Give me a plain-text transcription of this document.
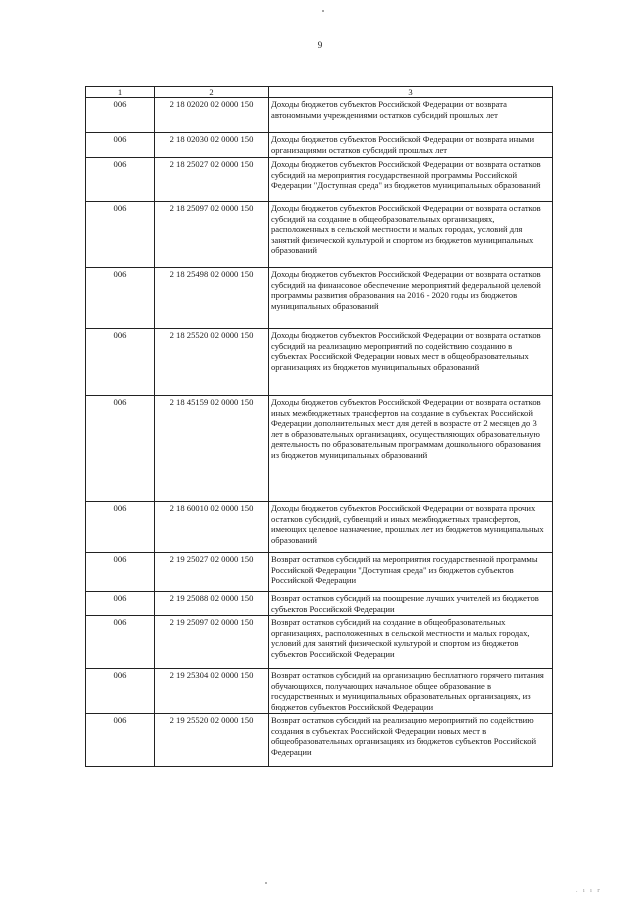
9
1	2	3
006	2 18 02020 02 0000 150	Доходы бюджетов субъектов Российской Федерации от возврата автономными учреждениями остатков субсидий прошлых лет
006	2 18 02030 02 0000 150	Доходы бюджетов субъектов Российской Федерации от возврата иными организациями остатков субсидий прошлых лет
006	2 18 25027 02 0000 150	Доходы бюджетов субъектов Российской Федерации от возврата остатков субсидий на мероприятия государственной программы Российской Федерации "Доступная среда" из бюджетов муниципальных образований
006	2 18 25097 02 0000 150	Доходы бюджетов субъектов Российской Федерации от возврата остатков субсидий на создание в общеобразовательных организациях, расположенных в сельской местности и малых городах, условий для занятий физической культурой и спортом из бюджетов муниципальных образований
006	2 18 25498 02 0000 150	Доходы бюджетов субъектов Российской Федерации от возврата остатков субсидий на финансовое обеспечение мероприятий федеральной целевой программы развития образования на 2016 - 2020 годы из бюджетов муниципальных образований
006	2 18 25520 02 0000 150	Доходы бюджетов субъектов Российской Федерации от возврата остатков субсидий на реализацию мероприятий по содействию созданию в субъектах Российской Федерации новых мест в общеобразовательных организациях из бюджетов муниципальных образований
006	2 18 45159 02 0000 150	Доходы бюджетов субъектов Российской Федерации от возврата остатков иных межбюджетных трансфертов на создание в субъектах Российской Федерации дополнительных мест для детей в возрасте от 2 месяцев до 3 лет в образовательных организациях, осуществляющих образовательную деятельность по образовательным программам дошкольного образования из бюджетов муниципальных образований
006	2 18 60010 02 0000 150	Доходы бюджетов субъектов Российской Федерации от возврата прочих остатков субсидий, субвенций и иных межбюджетных трансфертов, имеющих целевое назначение, прошлых лет из бюджетов муниципальных образований
006	2 19 25027 02 0000 150	Возврат остатков субсидий на мероприятия государственной программы Российской Федерации "Доступная среда" из бюджетов субъектов Российской Федерации
006	2 19 25088 02 0000 150	Возврат остатков субсидий на поощрение лучших учителей из бюджетов субъектов Российской Федерации
006	2 19 25097 02 0000 150	Возврат остатков субсидий на создание в общеобразовательных организациях, расположенных в сельской местности и малых городах, условий для занятий физической культурой и спортом из бюджетов субъектов Российской Федерации
006	2 19 25304 02 0000 150	Возврат остатков субсидий на организацию бесплатного горячего питания обучающихся, получающих начальное общее образование в государственных и муниципальных образовательных организациях, из бюджетов субъектов Российской Федерации
006	2 19 25520 02 0000 150	Возврат остатков субсидий на реализацию мероприятий по содействию создания в субъектах Российской Федерации новых мест в общеобразовательных организациях из бюджетов субъектов Российской Федерации
. ı ı г
